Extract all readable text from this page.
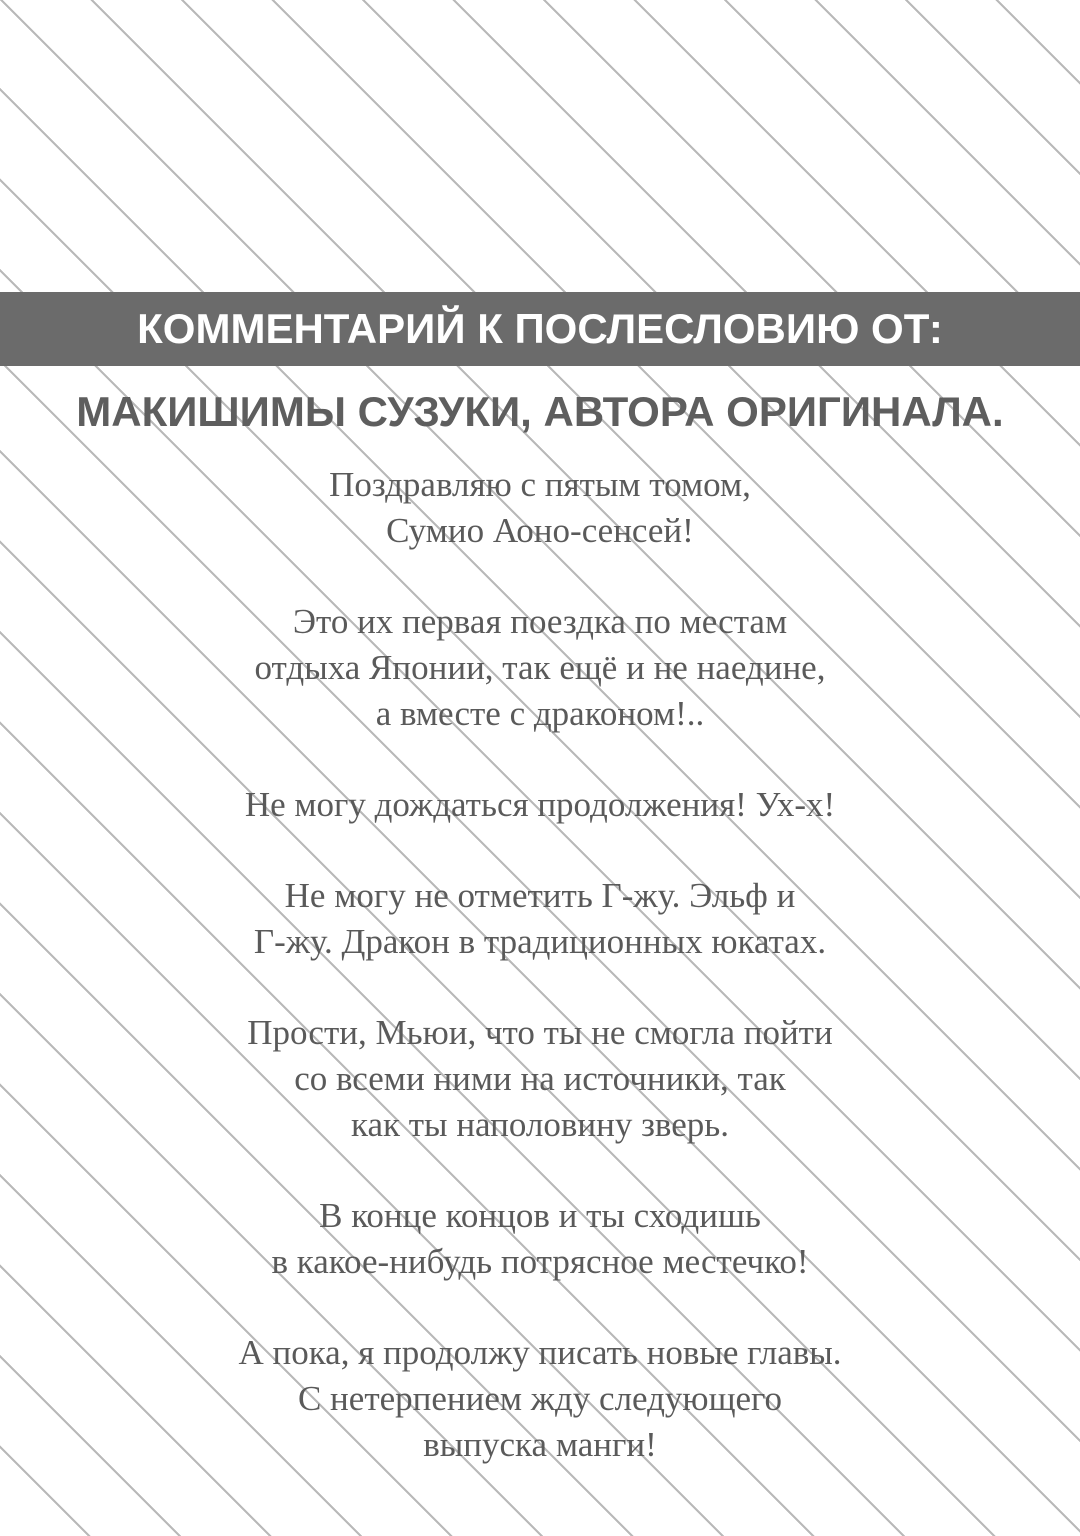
КОММЕНТАРИЙ К ПОСЛЕСЛОВИЮ ОТ:
МАКИШИМЫ СУЗУКИ, АВТОРА ОРИГИНАЛА.

Поздравляю с пятым томом,
Сумио Аоно-сенсей!

Это их первая поездка по местам
отдыха Японии, так ещё и не наедине,
а вместе с драконом!..

Не могу дождаться продолжения! Ух-х!

Не могу не отметить Г-жу. Эльф и
Г-жу. Дракон в традиционных юкатах.

Прости, Мьюи, что ты не смогла пойти
со всеми ними на источники, так
как ты наполовину зверь.

В конце концов и ты сходишь
в какое-нибудь потрясное местечко!

А пока, я продолжу писать новые главы.
С нетерпением жду следующего
выпуска манги!
